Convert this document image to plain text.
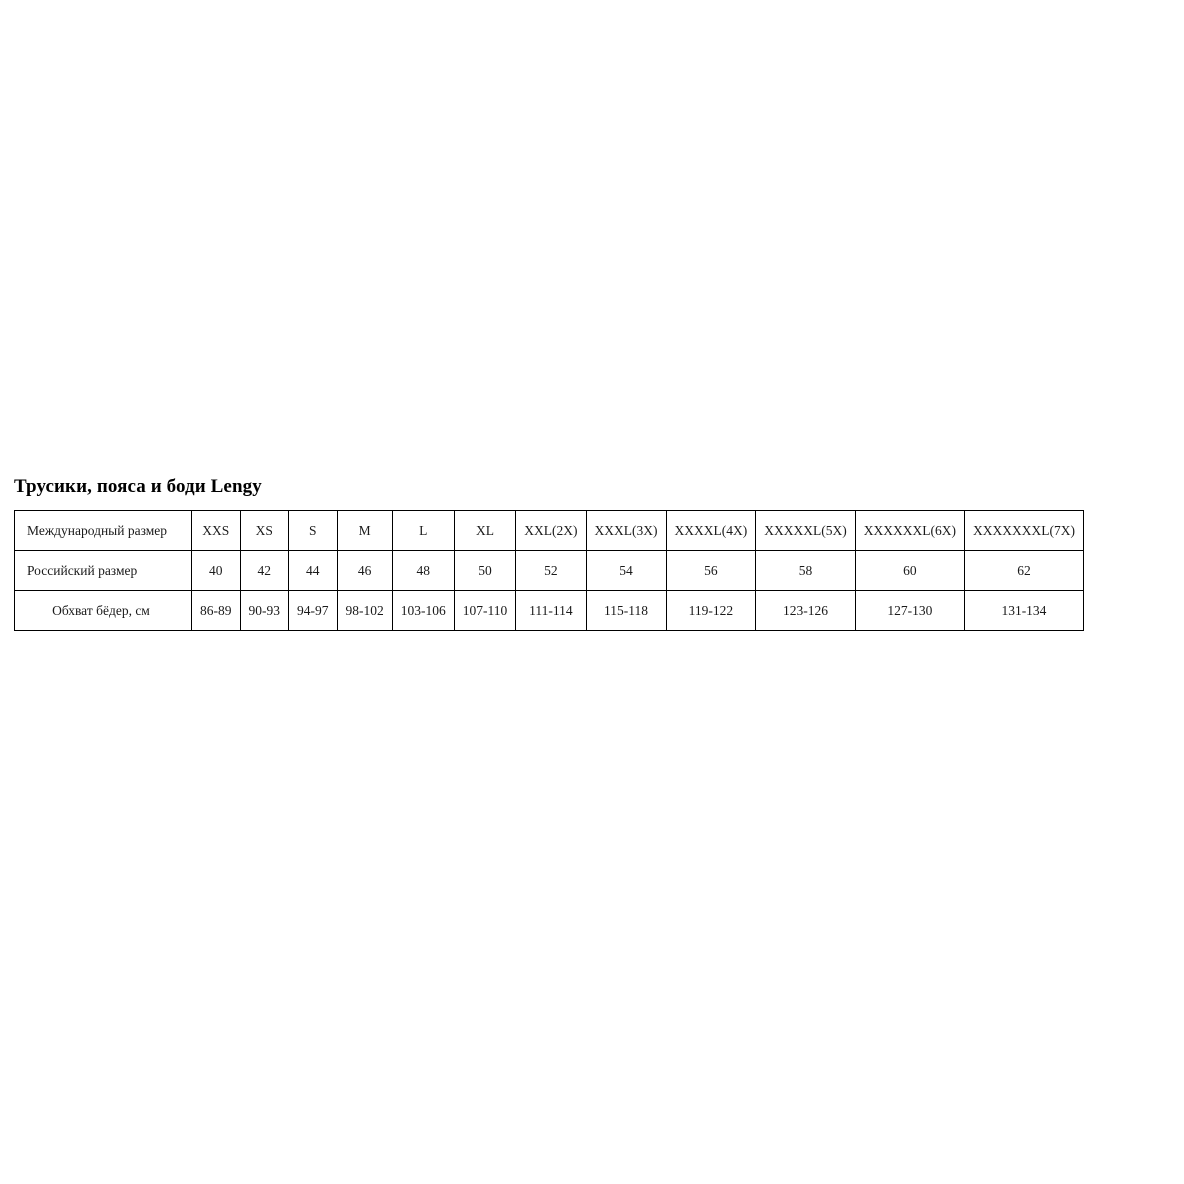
Трусики, пояса и боди Lengy
Международный размер	XXS	XS	S	M	L	XL	XXL(2X)	XXXL(3X)	XXXXL(4X)	XXXXXL(5X)	XXXXXXL(6X)	XXXXXXXL(7X)
Российский размер	40	42	44	46	48	50	52	54	56	58	60	62
Обхват бёдер, см	86-89	90-93	94-97	98-102	103-106	107-110	111-114	115-118	119-122	123-126	127-130	131-134
